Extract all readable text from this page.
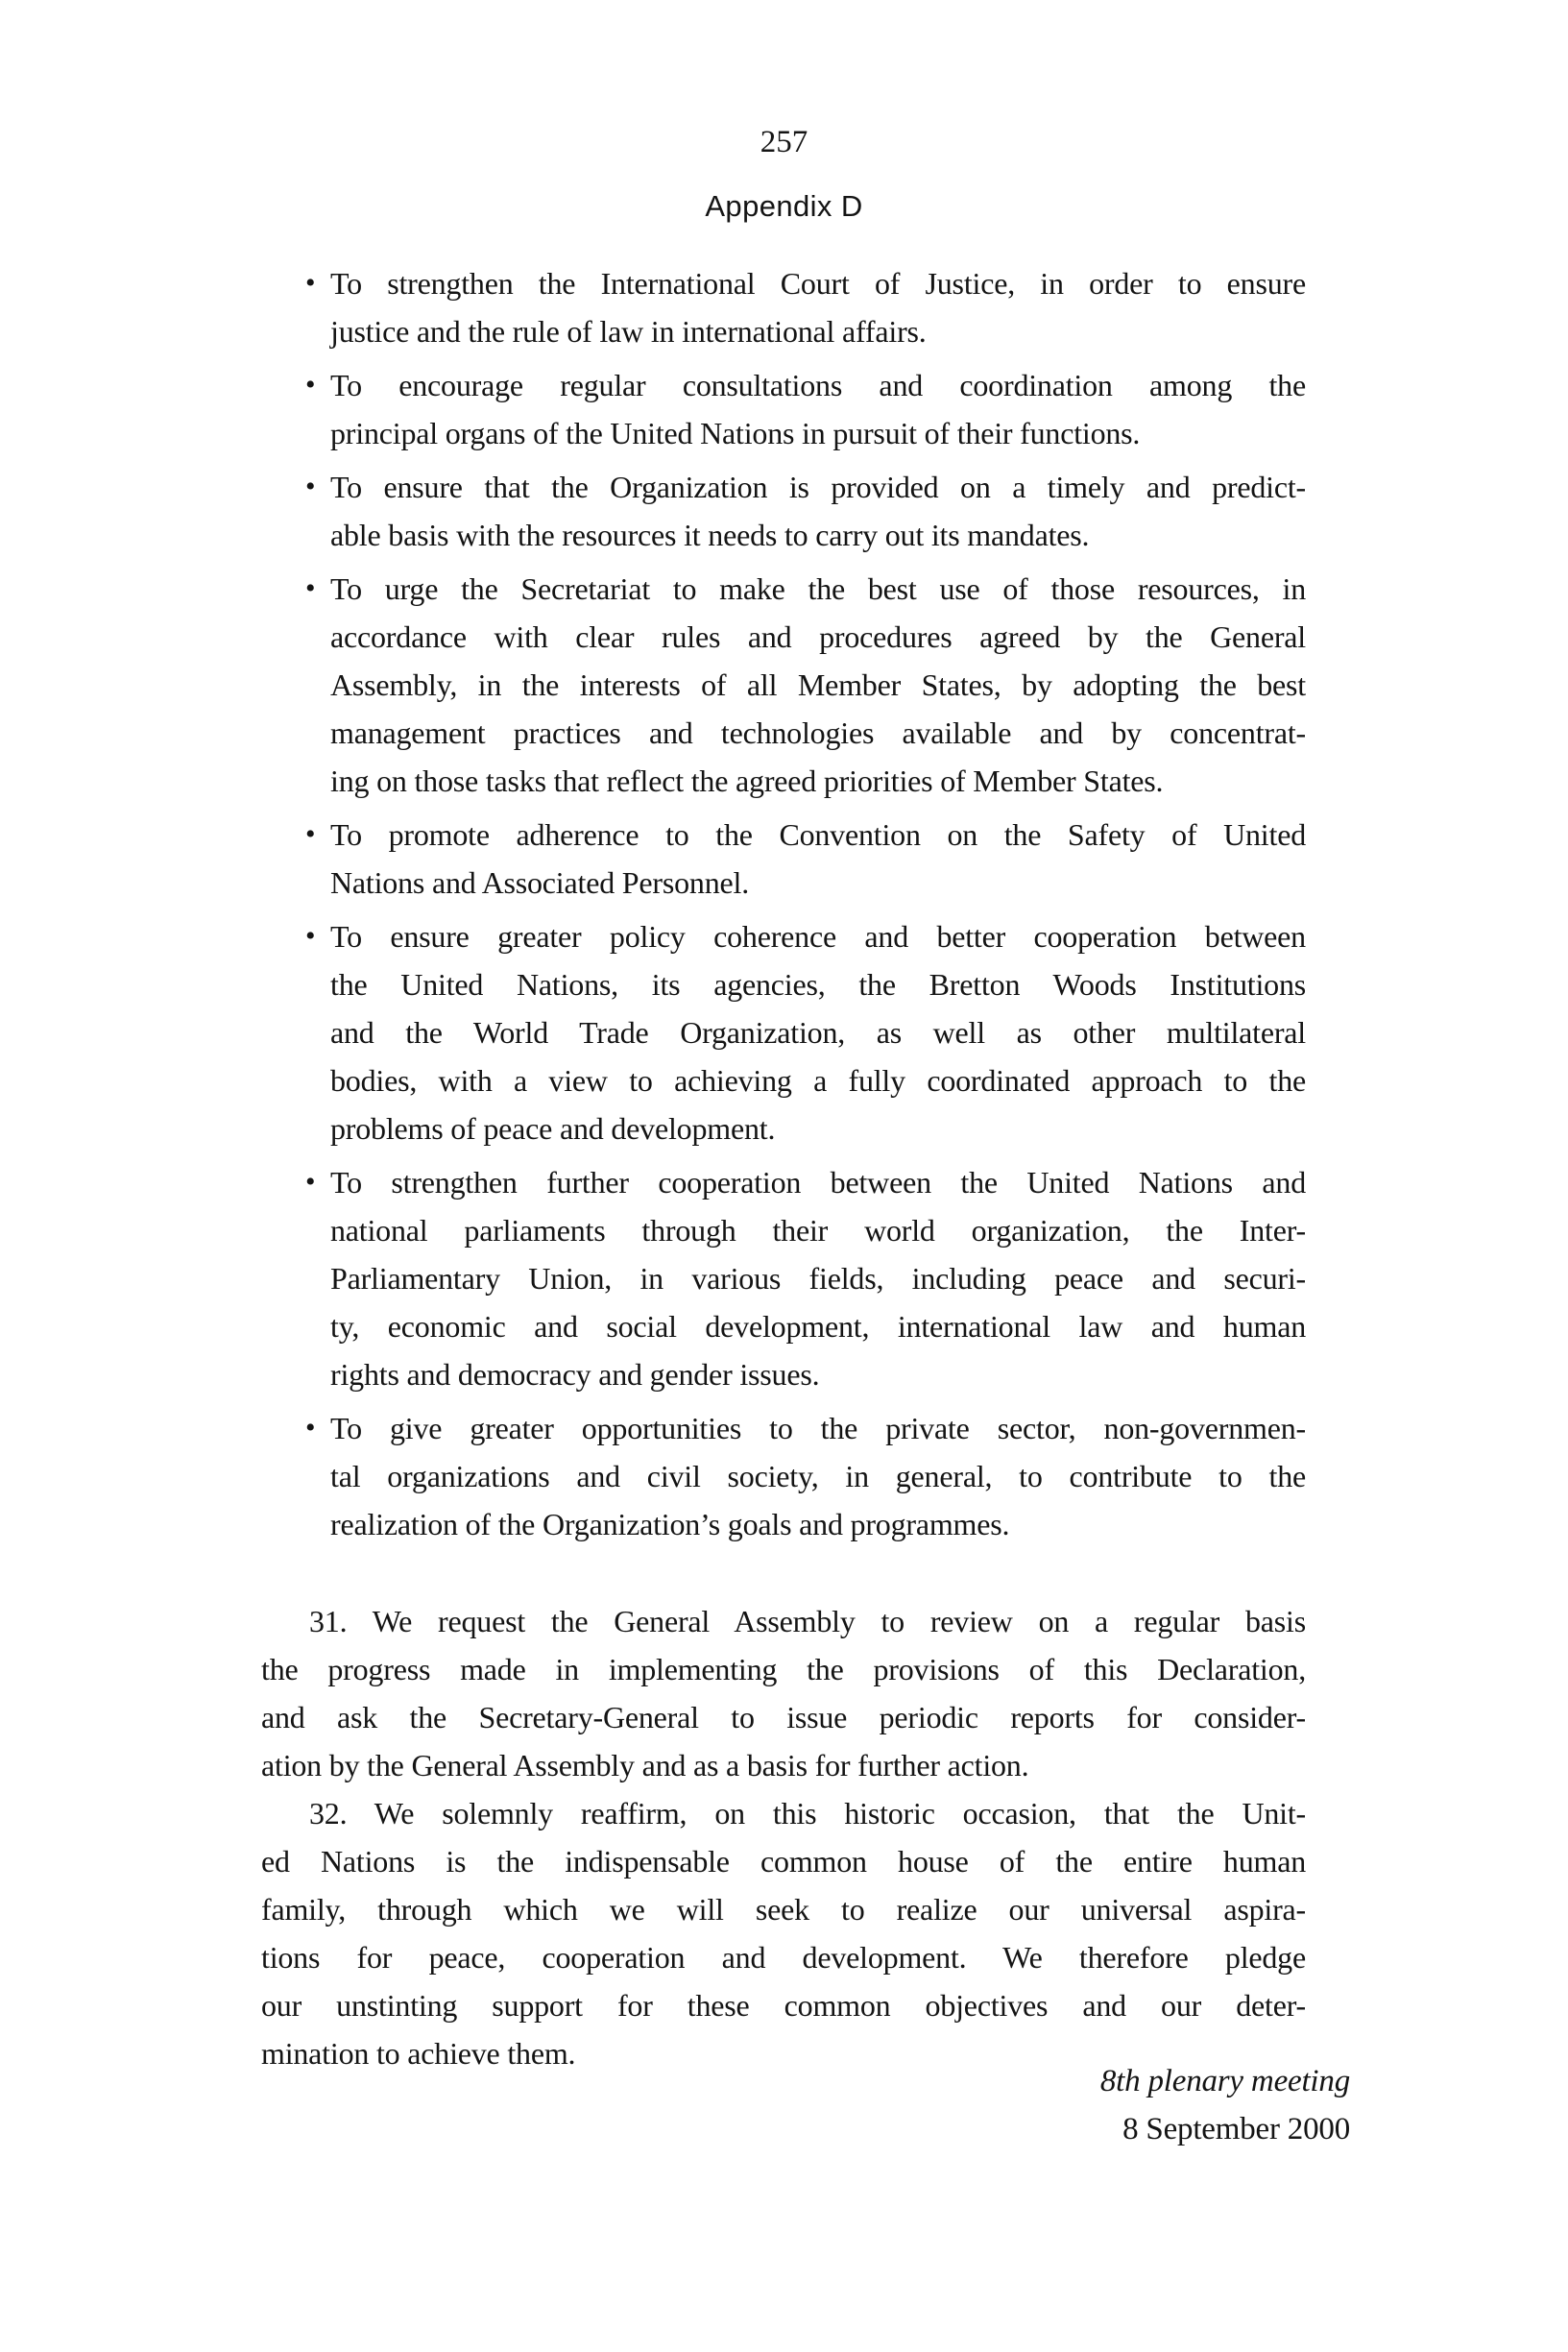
257
Appendix D
• To strengthen the International Court of Justice, in order to ensure
justice and the rule of law in international affairs.
• To encourage regular consultations and coordination among the
principal organs of the United Nations in pursuit of their functions.
• To ensure that the Organization is provided on a timely and predict-
able basis with the resources it needs to carry out its mandates.
• To urge the Secretariat to make the best use of those resources, in
accordance with clear rules and procedures agreed by the General
Assembly, in the interests of all Member States, by adopting the best
management practices and technologies available and by concentrat-
ing on those tasks that reflect the agreed priorities of Member States.
• To promote adherence to the Convention on the Safety of United
Nations and Associated Personnel.
• To ensure greater policy coherence and better cooperation between
the United Nations, its agencies, the Bretton Woods Institutions
and the World Trade Organization, as well as other multilateral
bodies, with a view to achieving a fully coordinated approach to the
problems of peace and development.
• To strengthen further cooperation between the United Nations and
national parliaments through their world organization, the Inter-
Parliamentary Union, in various fields, including peace and securi-
ty, economic and social development, international law and human
rights and democracy and gender issues.
• To give greater opportunities to the private sector, non-governmen-
tal organizations and civil society, in general, to contribute to the
realization of the Organization’s goals and programmes.
31. We request the General Assembly to review on a regular basis
the progress made in implementing the provisions of this Declaration,
and ask the Secretary-General to issue periodic reports for consider-
ation by the General Assembly and as a basis for further action.
32. We solemnly reaffirm, on this historic occasion, that the Unit-
ed Nations is the indispensable common house of the entire human
family, through which we will seek to realize our universal aspira-
tions for peace, cooperation and development. We therefore pledge
our unstinting support for these common objectives and our deter-
mination to achieve them.
8th plenary meeting
8 September 2000
